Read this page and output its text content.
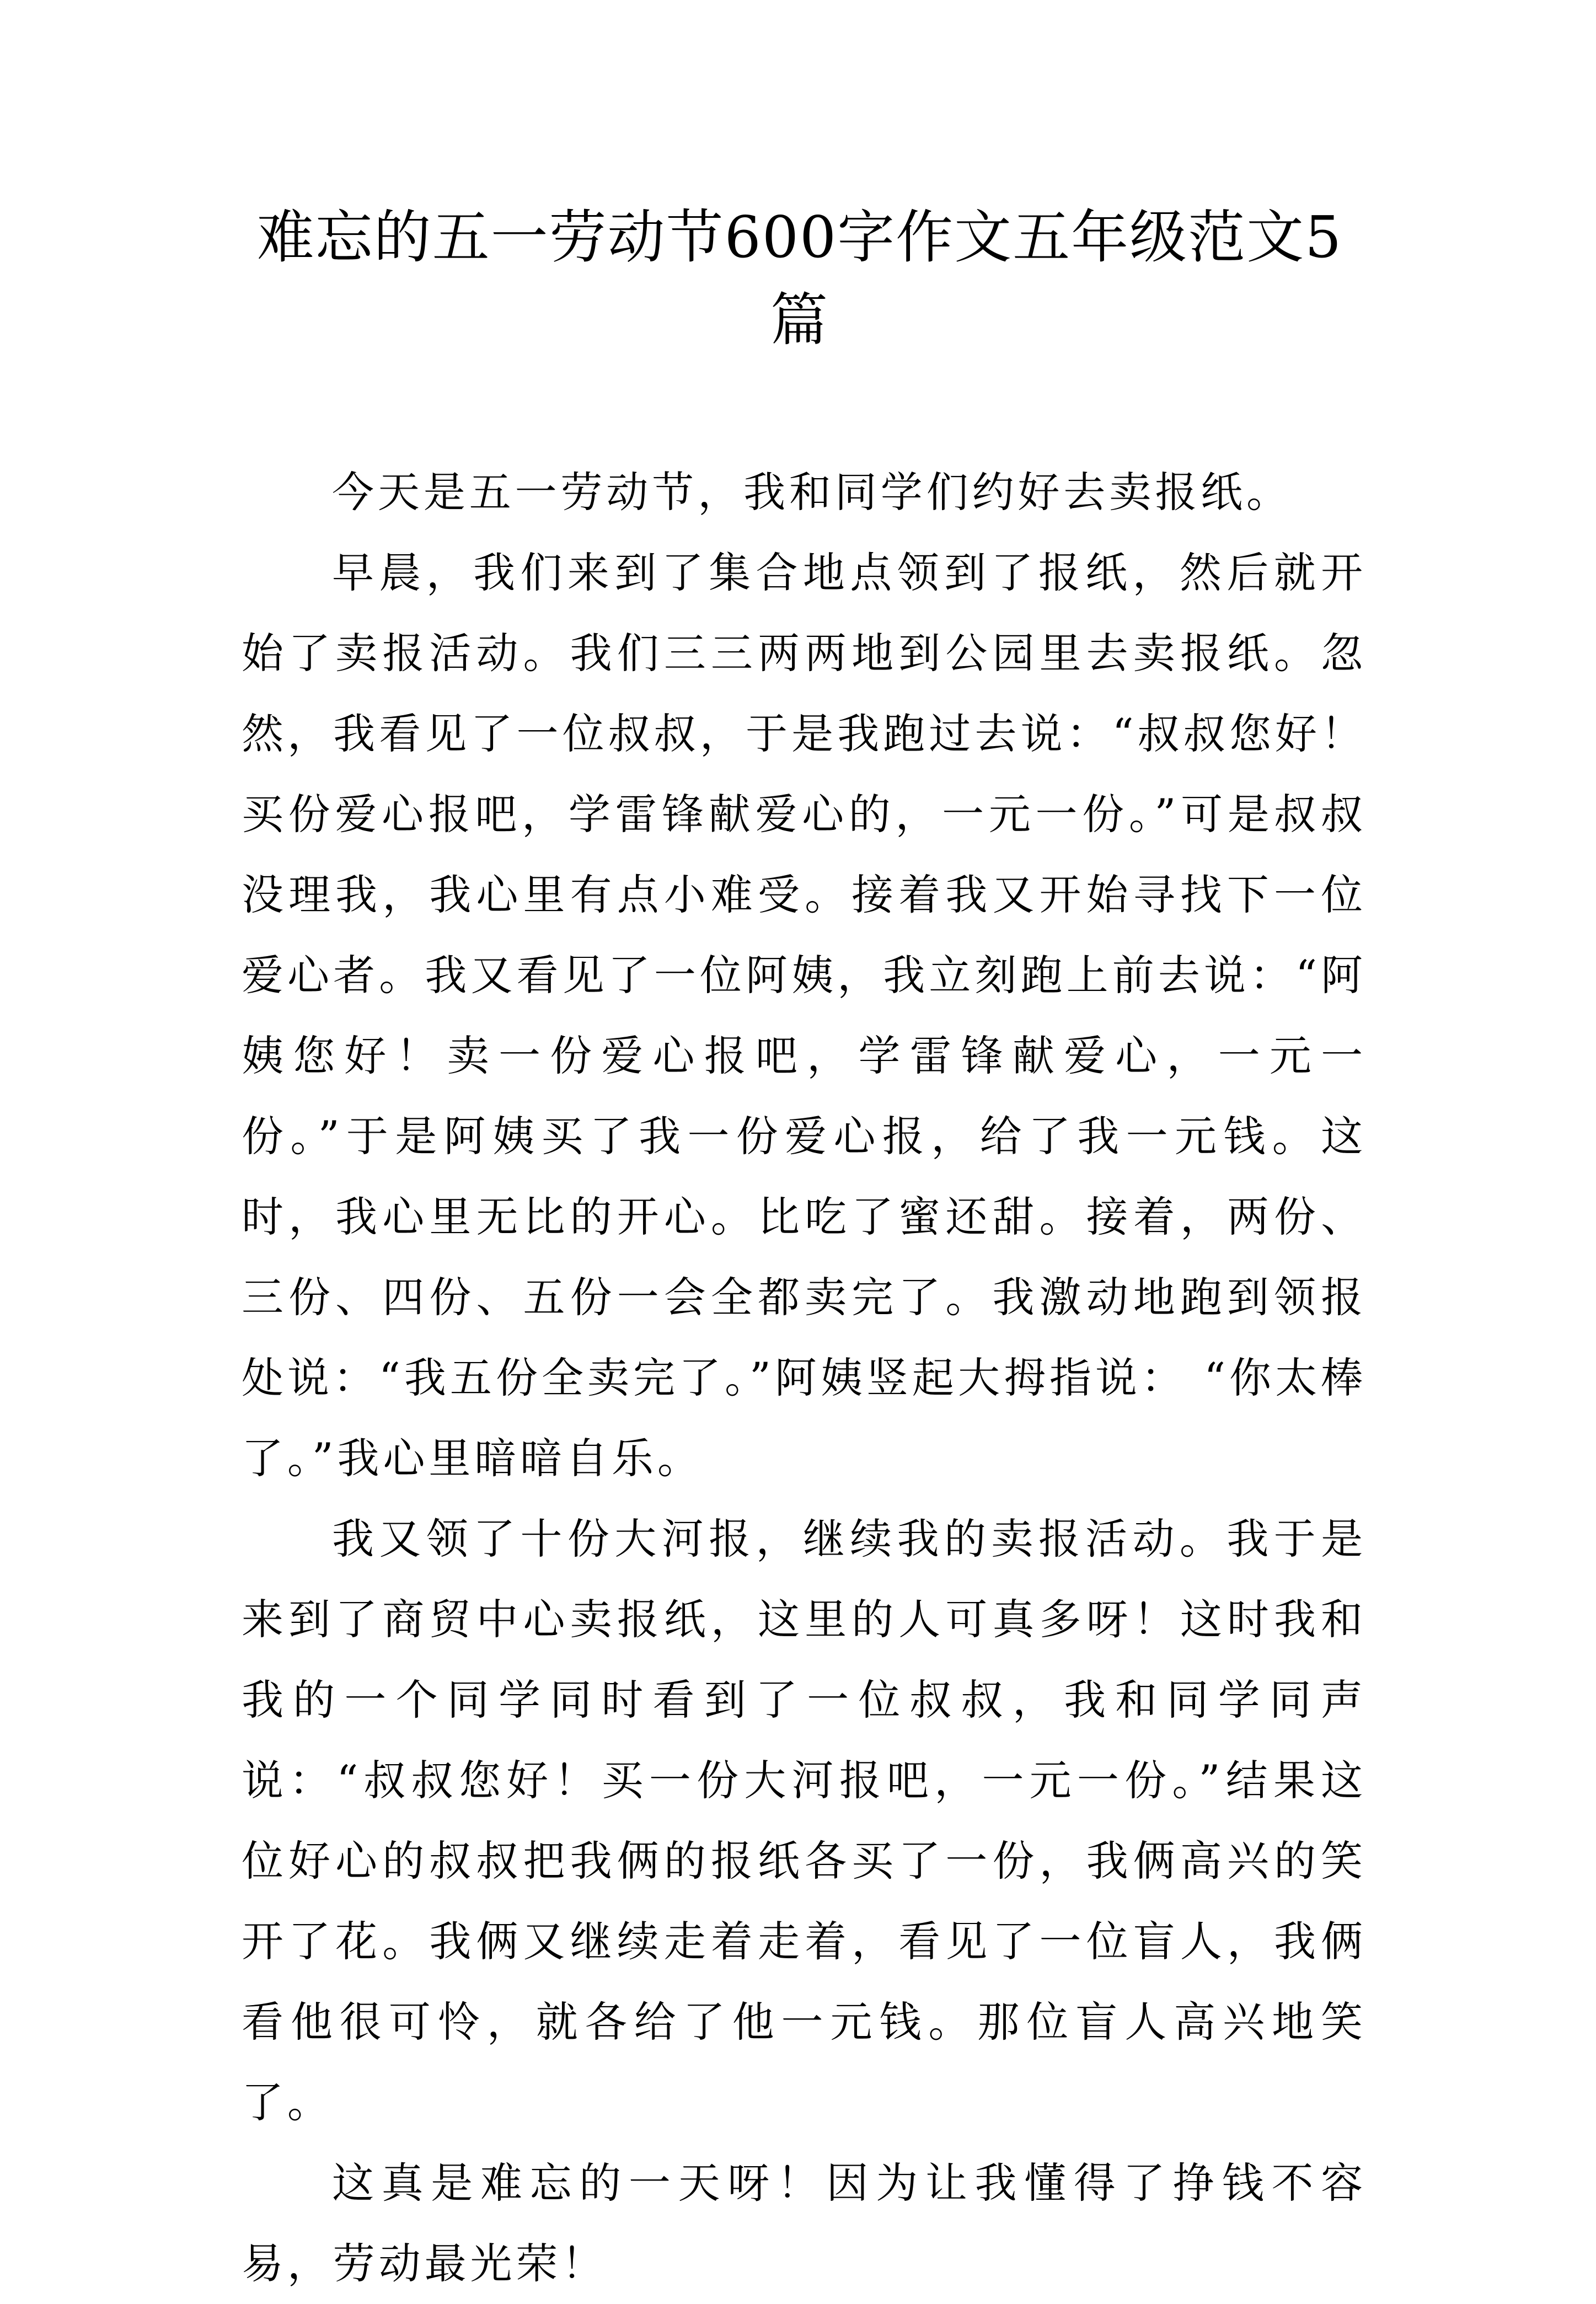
难忘的五一劳动节600字作文五年级范文5篇

今天是五一劳动节，我和同学们约好去卖报纸。

早晨，我们来到了集合地点领到了报纸，然后就开始了卖报活动。我们三三两两地到公园里去卖报纸。忽然，我看见了一位叔叔，于是我跑过去说：“叔叔您好！买份爱心报吧，学雷锋献爱心的，一元一份。”可是叔叔没理我，我心里有点小难受。接着我又开始寻找下一位爱心者。我又看见了一位阿姨，我立刻跑上前去说：“阿姨您好！卖一份爱心报吧，学雷锋献爱心，一元一份。”于是阿姨买了我一份爱心报，给了我一元钱。这时，我心里无比的开心。比吃了蜜还甜。接着，两份、三份、四份、五份一会全都卖完了。我激动地跑到领报处说：“我五份全卖完了。”阿姨竖起大拇指说： “你太棒了。”我心里暗暗自乐。

我又领了十份大河报，继续我的卖报活动。我于是来到了商贸中心卖报纸，这里的人可真多呀！这时我和我的一个同学同时看到了一位叔叔，我和同学同声说：“叔叔您好！买一份大河报吧，一元一份。”结果这位好心的叔叔把我俩的报纸各买了一份，我俩高兴的笑开了花。我俩又继续走着走着，看见了一位盲人，我俩看他很可怜，就各给了他一元钱。那位盲人高兴地笑了。

这真是难忘的一天呀！因为让我懂得了挣钱不容易，劳动最光荣！
